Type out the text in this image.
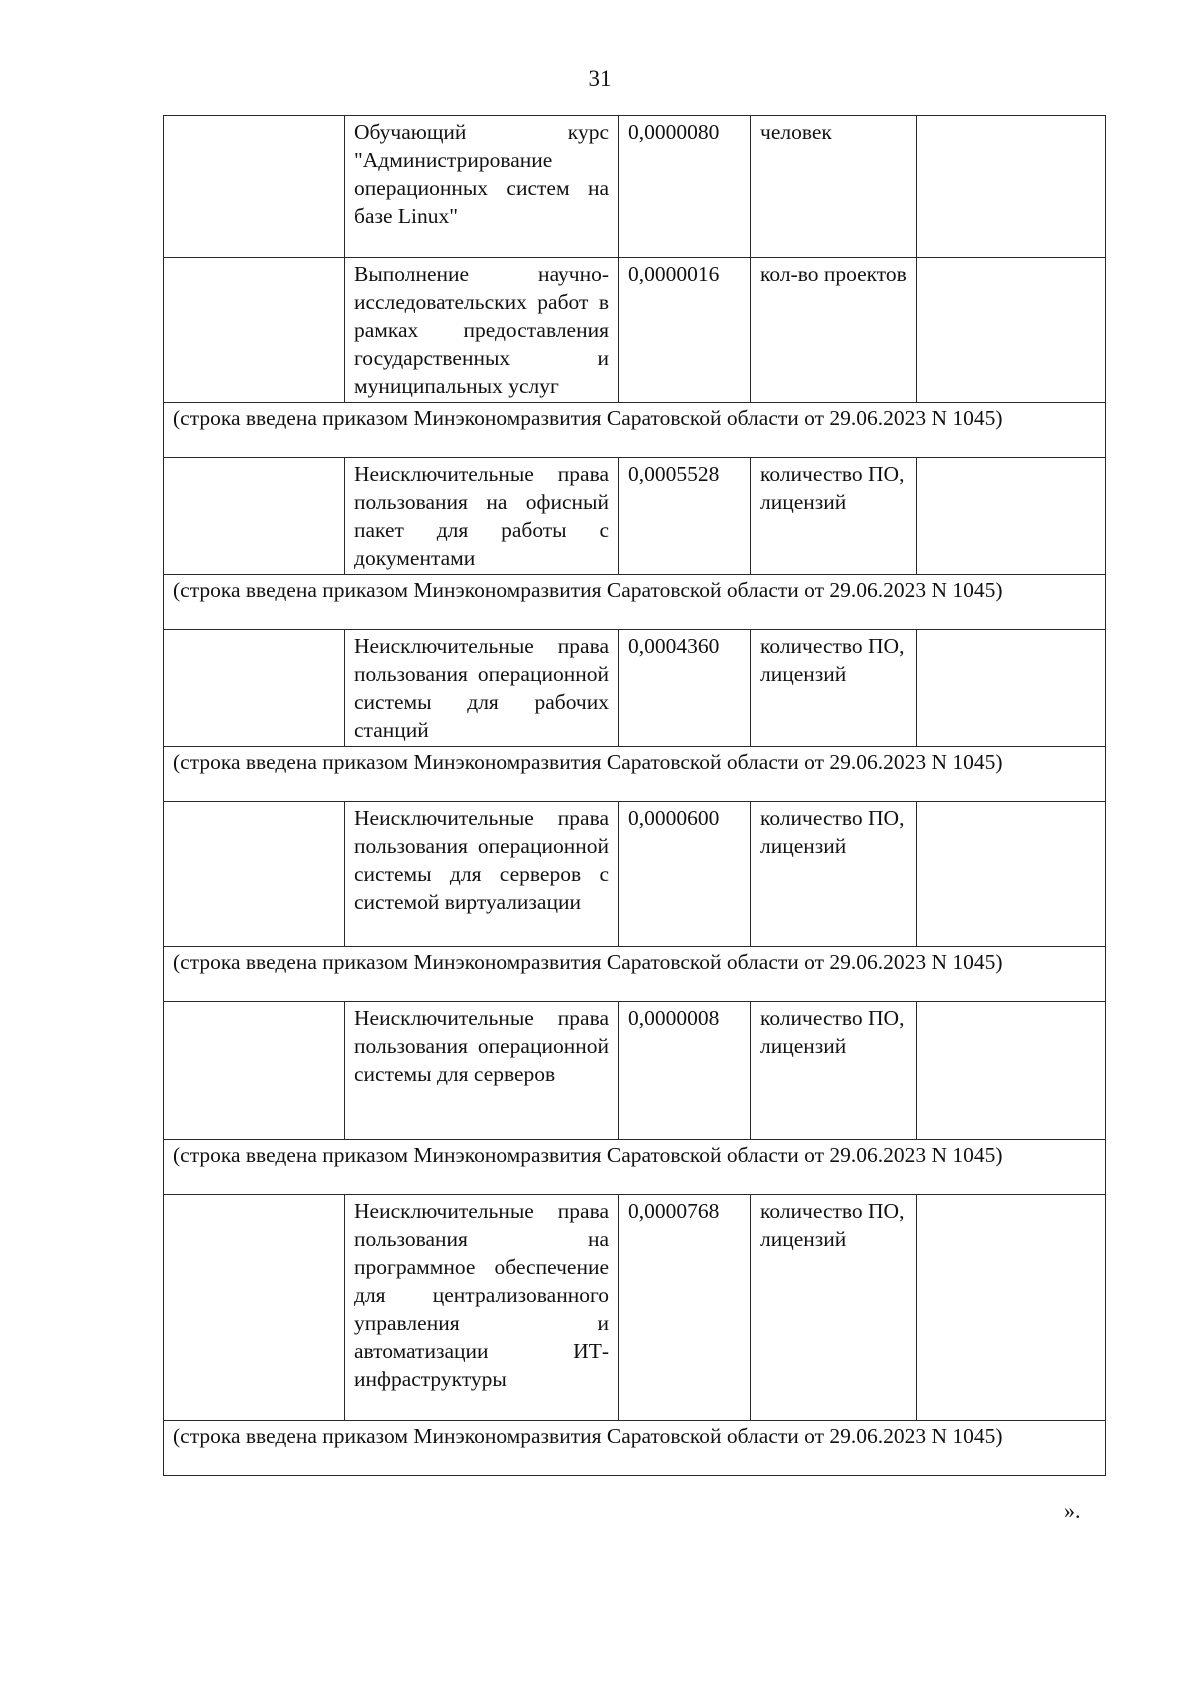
31
	Обучающий курс "Администрирование операционных систем на базе Linux"	0,0000080	человек	
	Выполнение научно-исследовательских работ в рамках предоставления государственных и муниципальных услуг	0,0000016	кол-во проектов	
(строка введена приказом Минэкономразвития Саратовской области от 29.06.2023 N 1045)				
	Неисключительные права пользования на офисный пакет для работы с документами	0,0005528	количество ПО, лицензий	
(строка введена приказом Минэкономразвития Саратовской области от 29.06.2023 N 1045)				
	Неисключительные права пользования операционной системы для рабочих станций	0,0004360	количество ПО, лицензий	
(строка введена приказом Минэкономразвития Саратовской области от 29.06.2023 N 1045)				
	Неисключительные права пользования операционной системы для серверов с системой виртуализации	0,0000600	количество ПО, лицензий	
(строка введена приказом Минэкономразвития Саратовской области от 29.06.2023 N 1045)				
	Неисключительные права пользования операционной системы для серверов	0,0000008	количество ПО, лицензий	
(строка введена приказом Минэкономразвития Саратовской области от 29.06.2023 N 1045)				
	Неисключительные права пользования на программное обеспечение для централизованного управления и автоматизации ИТ-инфраструктуры	0,0000768	количество ПО, лицензий	
(строка введена приказом Минэкономразвития Саратовской области от 29.06.2023 N 1045)				
».
